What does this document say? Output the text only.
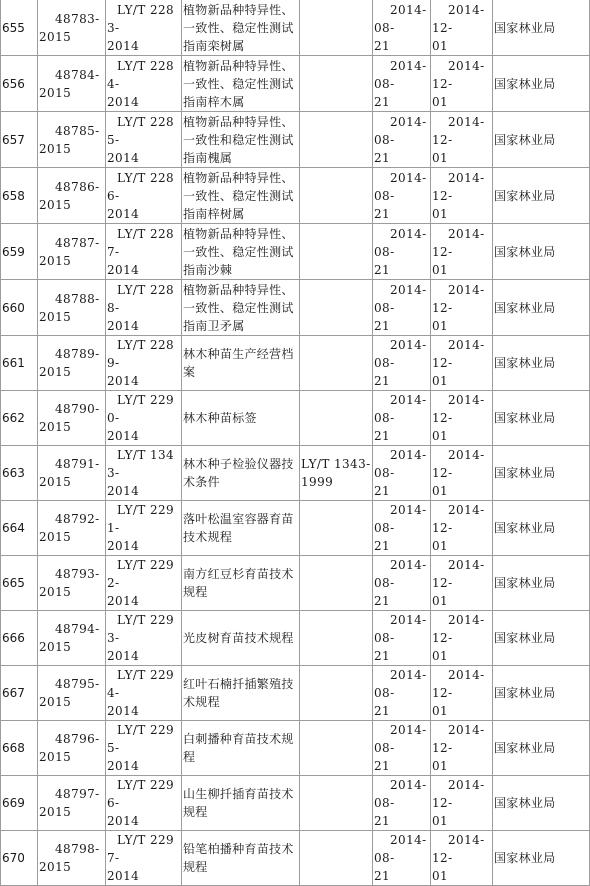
655	48783-
2015	LY/T 2283-
2014	植物新品种特异性、
一致性、稳定性测试
指南栾树属		2014-08-
21	2014-12-
01	国家林业局
656	48784-
2015	LY/T 2284-
2014	植物新品种特异性、
一致性、稳定性测试
指南梓木属		2014-08-
21	2014-12-
01	国家林业局
657	48785-
2015	LY/T 2285-
2014	植物新品种特异性、
一致性和稳定性测试
指南槐属		2014-08-
21	2014-12-
01	国家林业局
658	48786-
2015	LY/T 2286-
2014	植物新品种特异性、
一致性、稳定性测试
指南梓树属		2014-08-
21	2014-12-
01	国家林业局
659	48787-
2015	LY/T 2287-
2014	植物新品种特异性、
一致性、稳定性测试
指南沙棘		2014-08-
21	2014-12-
01	国家林业局
660	48788-
2015	LY/T 2288-
2014	植物新品种特异性、
一致性、稳定性测试
指南卫矛属		2014-08-
21	2014-12-
01	国家林业局
661	48789-
2015	LY/T 2289-
2014	林木种苗生产经营档
案		2014-08-
21	2014-12-
01	国家林业局
662	48790-
2015	LY/T 2290-
2014	林木种苗标签		2014-08-
21	2014-12-
01	国家林业局
663	48791-
2015	LY/T 1343-
2014	林木种子检验仪器技
术条件	LY/T 1343-
1999	2014-08-
21	2014-12-
01	国家林业局
664	48792-
2015	LY/T 2291-
2014	落叶松温室容器育苗
技术规程		2014-08-
21	2014-12-
01	国家林业局
665	48793-
2015	LY/T 2292-
2014	南方红豆杉育苗技术
规程		2014-08-
21	2014-12-
01	国家林业局
666	48794-
2015	LY/T 2293-
2014	光皮树育苗技术规程		2014-08-
21	2014-12-
01	国家林业局
667	48795-
2015	LY/T 2294-
2014	红叶石楠扦插繁殖技
术规程		2014-08-
21	2014-12-
01	国家林业局
668	48796-
2015	LY/T 2295-
2014	白刺播种育苗技术规
程		2014-08-
21	2014-12-
01	国家林业局
669	48797-
2015	LY/T 2296-
2014	山生柳扦插育苗技术
规程		2014-08-
21	2014-12-
01	国家林业局
670	48798-
2015	LY/T 2297-
2014	铅笔柏播种育苗技术
规程		2014-08-
21	2014-12-
01	国家林业局
